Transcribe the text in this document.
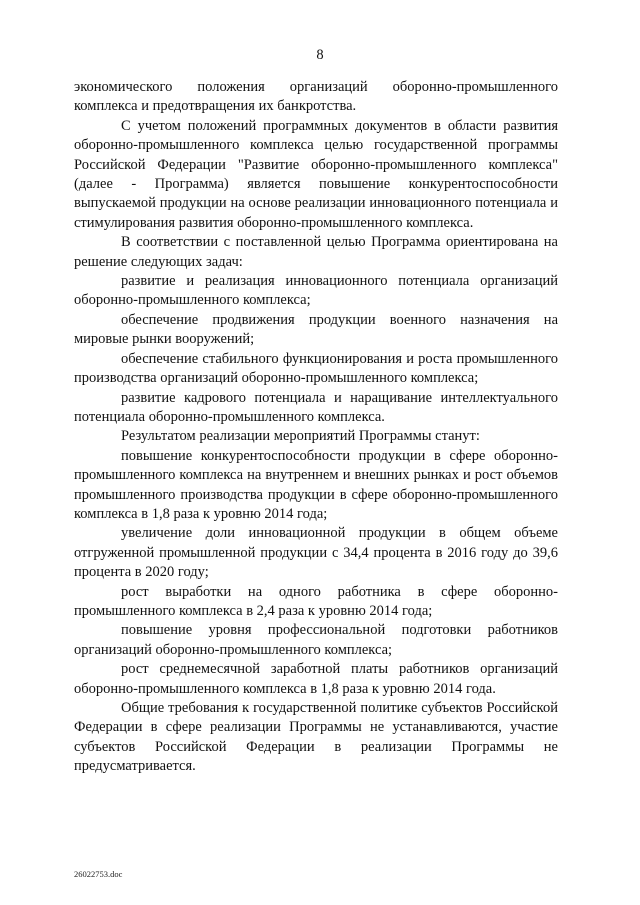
8

экономического положения организаций оборонно-промышленного комплекса и предотвращения их банкротства.

С учетом положений программных документов в области развития оборонно-промышленного комплекса целью государственной программы Российской Федерации "Развитие оборонно-промышленного комплекса" (далее - Программа) является повышение конкурентоспособности выпускаемой продукции на основе реализации инновационного потенциала и стимулирования развития оборонно-промышленного комплекса.

В соответствии с поставленной целью Программа ориентирована на решение следующих задач:

развитие и реализация инновационного потенциала организаций оборонно-промышленного комплекса;

обеспечение продвижения продукции военного назначения на мировые рынки вооружений;

обеспечение стабильного функционирования и роста промышленного производства организаций оборонно-промышленного комплекса;

развитие кадрового потенциала и наращивание интеллектуального потенциала оборонно-промышленного комплекса.

Результатом реализации мероприятий Программы станут:

повышение конкурентоспособности продукции в сфере оборонно-промышленного комплекса на внутреннем и внешних рынках и рост объемов промышленного производства продукции в сфере оборонно-промышленного комплекса в 1,8 раза к уровню 2014 года;

увеличение доли инновационной продукции в общем объеме отгруженной промышленной продукции с 34,4 процента в 2016 году до 39,6 процента в 2020 году;

рост выработки на одного работника в сфере оборонно-промышленного комплекса в 2,4 раза к уровню 2014 года;

повышение уровня профессиональной подготовки работников организаций оборонно-промышленного комплекса;

рост среднемесячной заработной платы работников организаций оборонно-промышленного комплекса в 1,8 раза к уровню 2014 года.

Общие требования к государственной политике субъектов Российской Федерации в сфере реализации Программы не устанавливаются, участие субъектов Российской Федерации в реализации Программы не предусматривается.

26022753.doc
